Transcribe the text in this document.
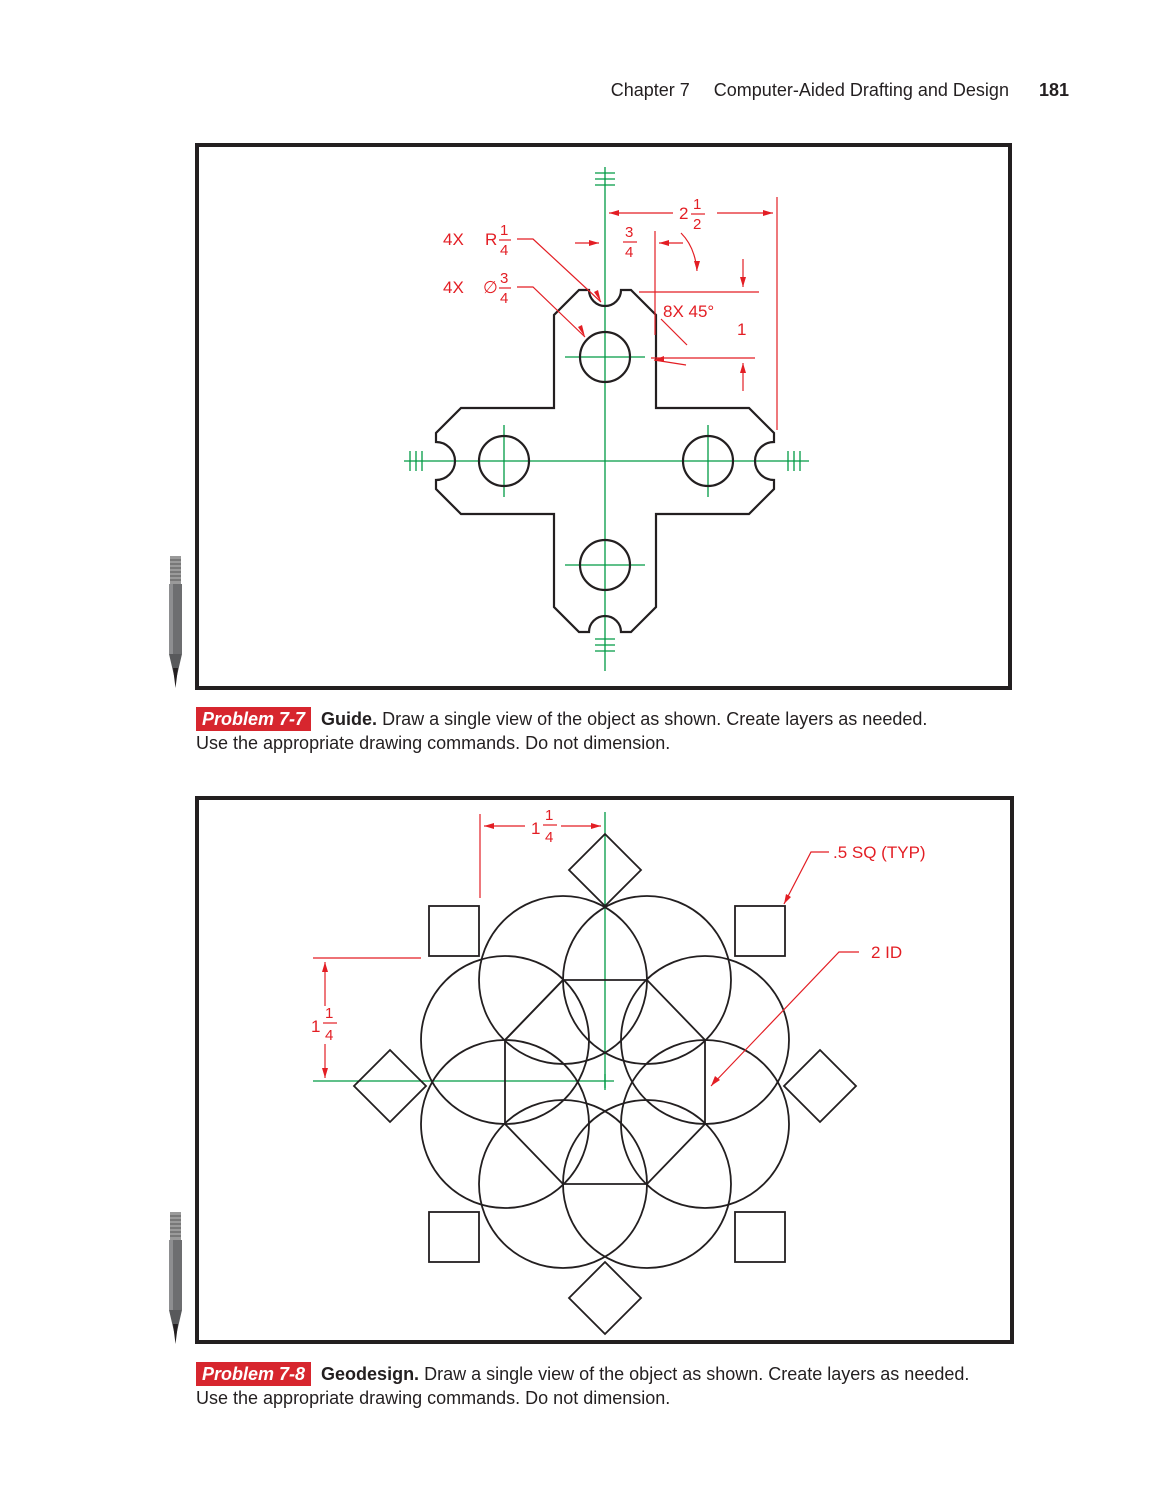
Chapter 7 Computer-Aided Drafting and Design 181
4X R 1
4
4X ∅ 3
4
3
4
2 1
2
8X 45°
1
Problem 7-7 Guide. Draw a single view of the object as shown. Create layers as needed.
Use the appropriate drawing commands. Do not dimension.
1
1
4
1
1
4
.5 SQ (TYP)
2 ID
Problem 7-8 Geodesign. Draw a single view of the object as shown. Create layers as needed.
Use the appropriate drawing commands. Do not dimension.
